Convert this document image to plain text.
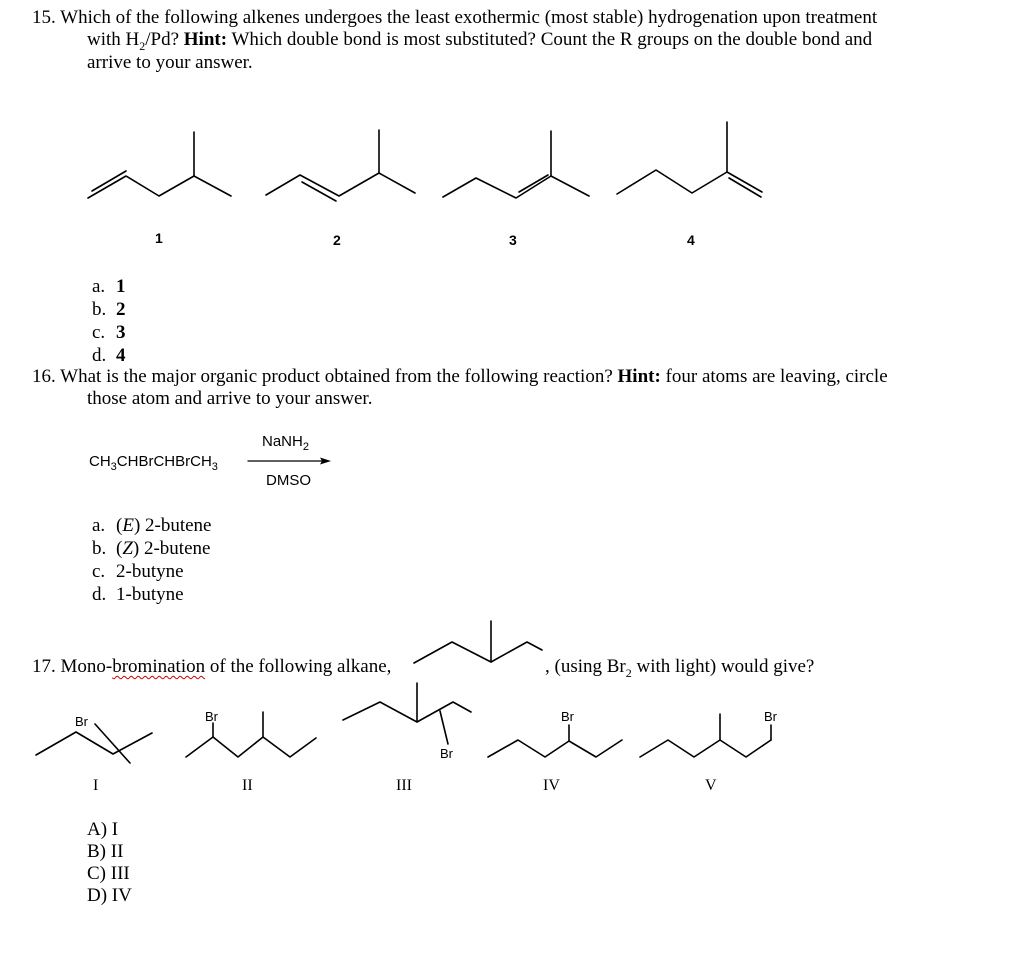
15. Which of the following alkenes undergoes the least exothermic (most stable) hydrogenation upon treatment
with $H_2/Pd$? Hint: Which double bond is most substituted? Count the R groups on the double bond and
arrive to your answer.
1	2	3	4
a. 1
b. 2
c. 3
d. 4
16. What is the major organic product obtained from the following reaction? Hint: four atoms are leaving, circle
those atom and arrive to your answer.
$CH_3CHBrCHBrCH_3$
NaNH$_2$
DMSO
a. (E) 2-butene
b. (Z) 2-butene
c. 2-butyne
d. 1-butyne
17. Mono-bromination of the following alkane,	, (using $Br_2$ with light) would give?
Br	Br
Br
Br	Br
I	II	III	IV	V
A) I
B) II
C) III
D) IV
